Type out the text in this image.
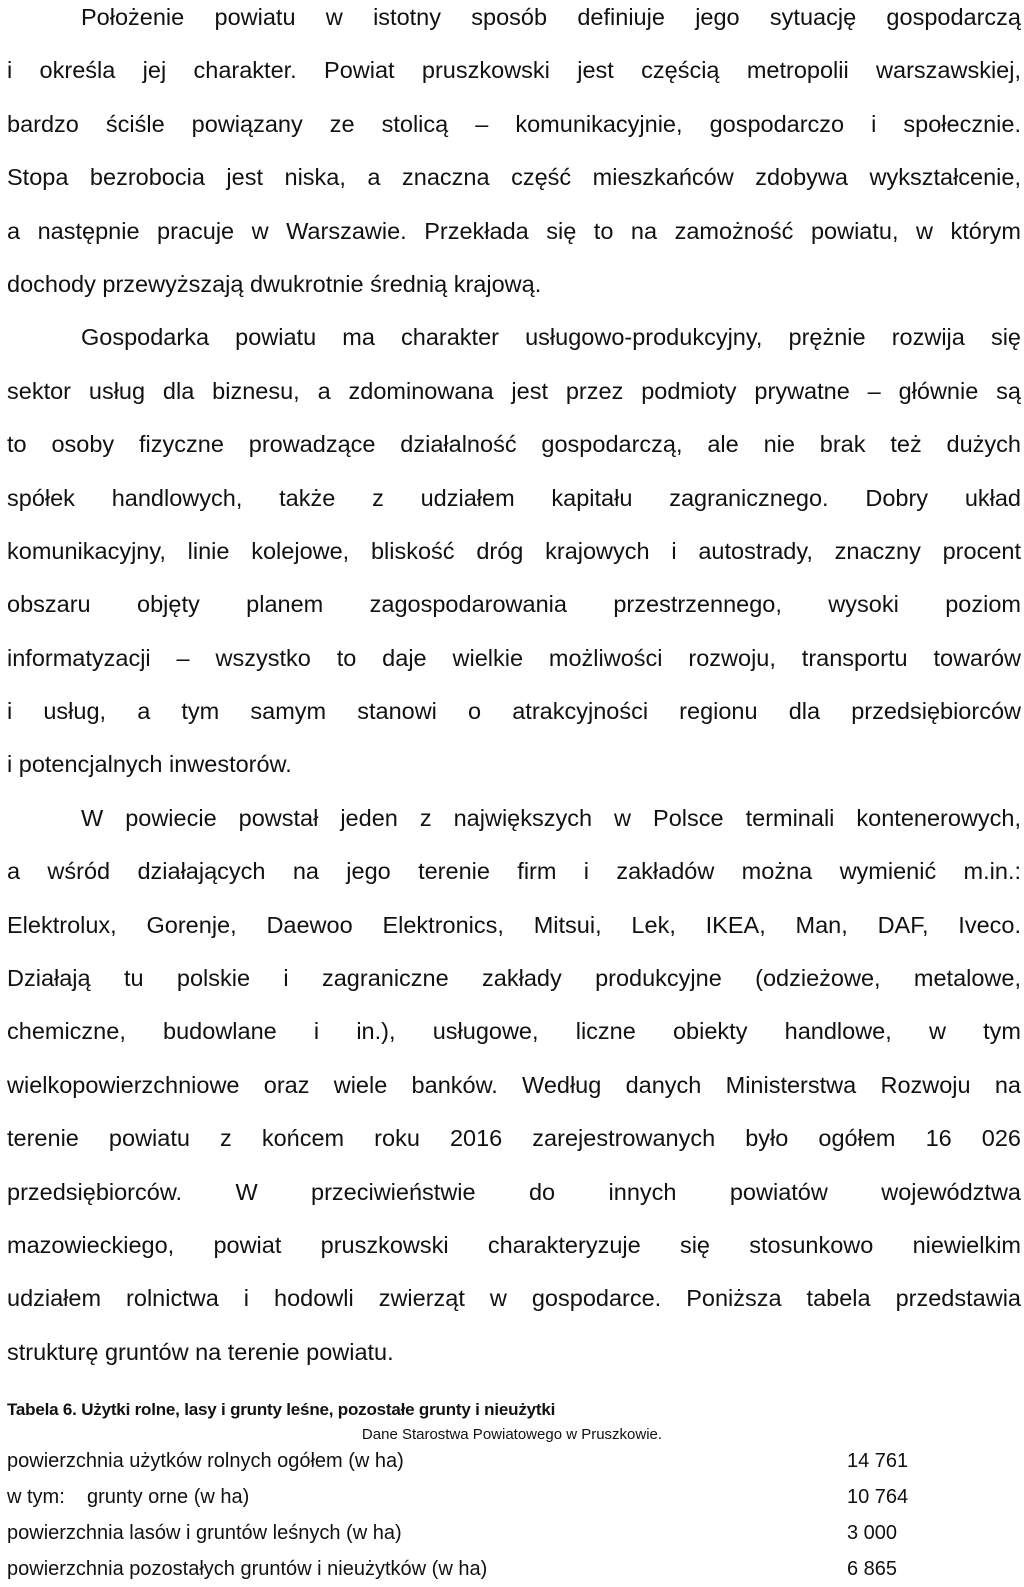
Położenie powiatu w istotny sposób definiuje jego sytuację gospodarczą
i określa jej charakter. Powiat pruszkowski jest częścią metropolii warszawskiej,
bardzo ściśle powiązany ze stolicą – komunikacyjnie, gospodarczo i społecznie.
Stopa bezrobocia jest niska, a znaczna część mieszkańców zdobywa wykształcenie,
a następnie pracuje w Warszawie. Przekłada się to na zamożność powiatu, w którym
dochody przewyższają dwukrotnie średnią krajową.
Gospodarka powiatu ma charakter usługowo-produkcyjny, prężnie rozwija się
sektor usług dla biznesu, a zdominowana jest przez podmioty prywatne – głównie są
to osoby fizyczne prowadzące działalność gospodarczą, ale nie brak też dużych
spółek handlowych, także z udziałem kapitału zagranicznego. Dobry układ
komunikacyjny, linie kolejowe, bliskość dróg krajowych i autostrady, znaczny procent
obszaru objęty planem zagospodarowania przestrzennego, wysoki poziom
informatyzacji – wszystko to daje wielkie możliwości rozwoju, transportu towarów
i usług, a tym samym stanowi o atrakcyjności regionu dla przedsiębiorców
i potencjalnych inwestorów.
W powiecie powstał jeden z największych w Polsce terminali kontenerowych,
a wśród działających na jego terenie firm i zakładów można wymienić m.in.:
Elektrolux, Gorenje, Daewoo Elektronics, Mitsui, Lek, IKEA, Man, DAF, Iveco.
Działają tu polskie i zagraniczne zakłady produkcyjne (odzieżowe, metalowe,
chemiczne, budowlane i in.), usługowe, liczne obiekty handlowe, w tym
wielkopowierzchniowe oraz wiele banków. Według danych Ministerstwa Rozwoju na
terenie powiatu z końcem roku 2016 zarejestrowanych było ogółem 16 026
przedsiębiorców. W przeciwieństwie do innych powiatów województwa
mazowieckiego, powiat pruszkowski charakteryzuje się stosunkowo niewielkim
udziałem rolnictwa i hodowli zwierząt w gospodarce. Poniższa tabela przedstawia
strukturę gruntów na terenie powiatu.
Tabela 6. Użytki rolne, lasy i grunty leśne, pozostałe grunty i nieużytki
powierzchnia użytków rolnych ogółem (w ha)	14 761
w tym: grunty orne (w ha)	10 764
powierzchnia lasów i gruntów leśnych (w ha)	3 000
powierzchnia pozostałych gruntów i nieużytków (w ha)	6 865
Dane Starostwa Powiatowego w Pruszkowie.
